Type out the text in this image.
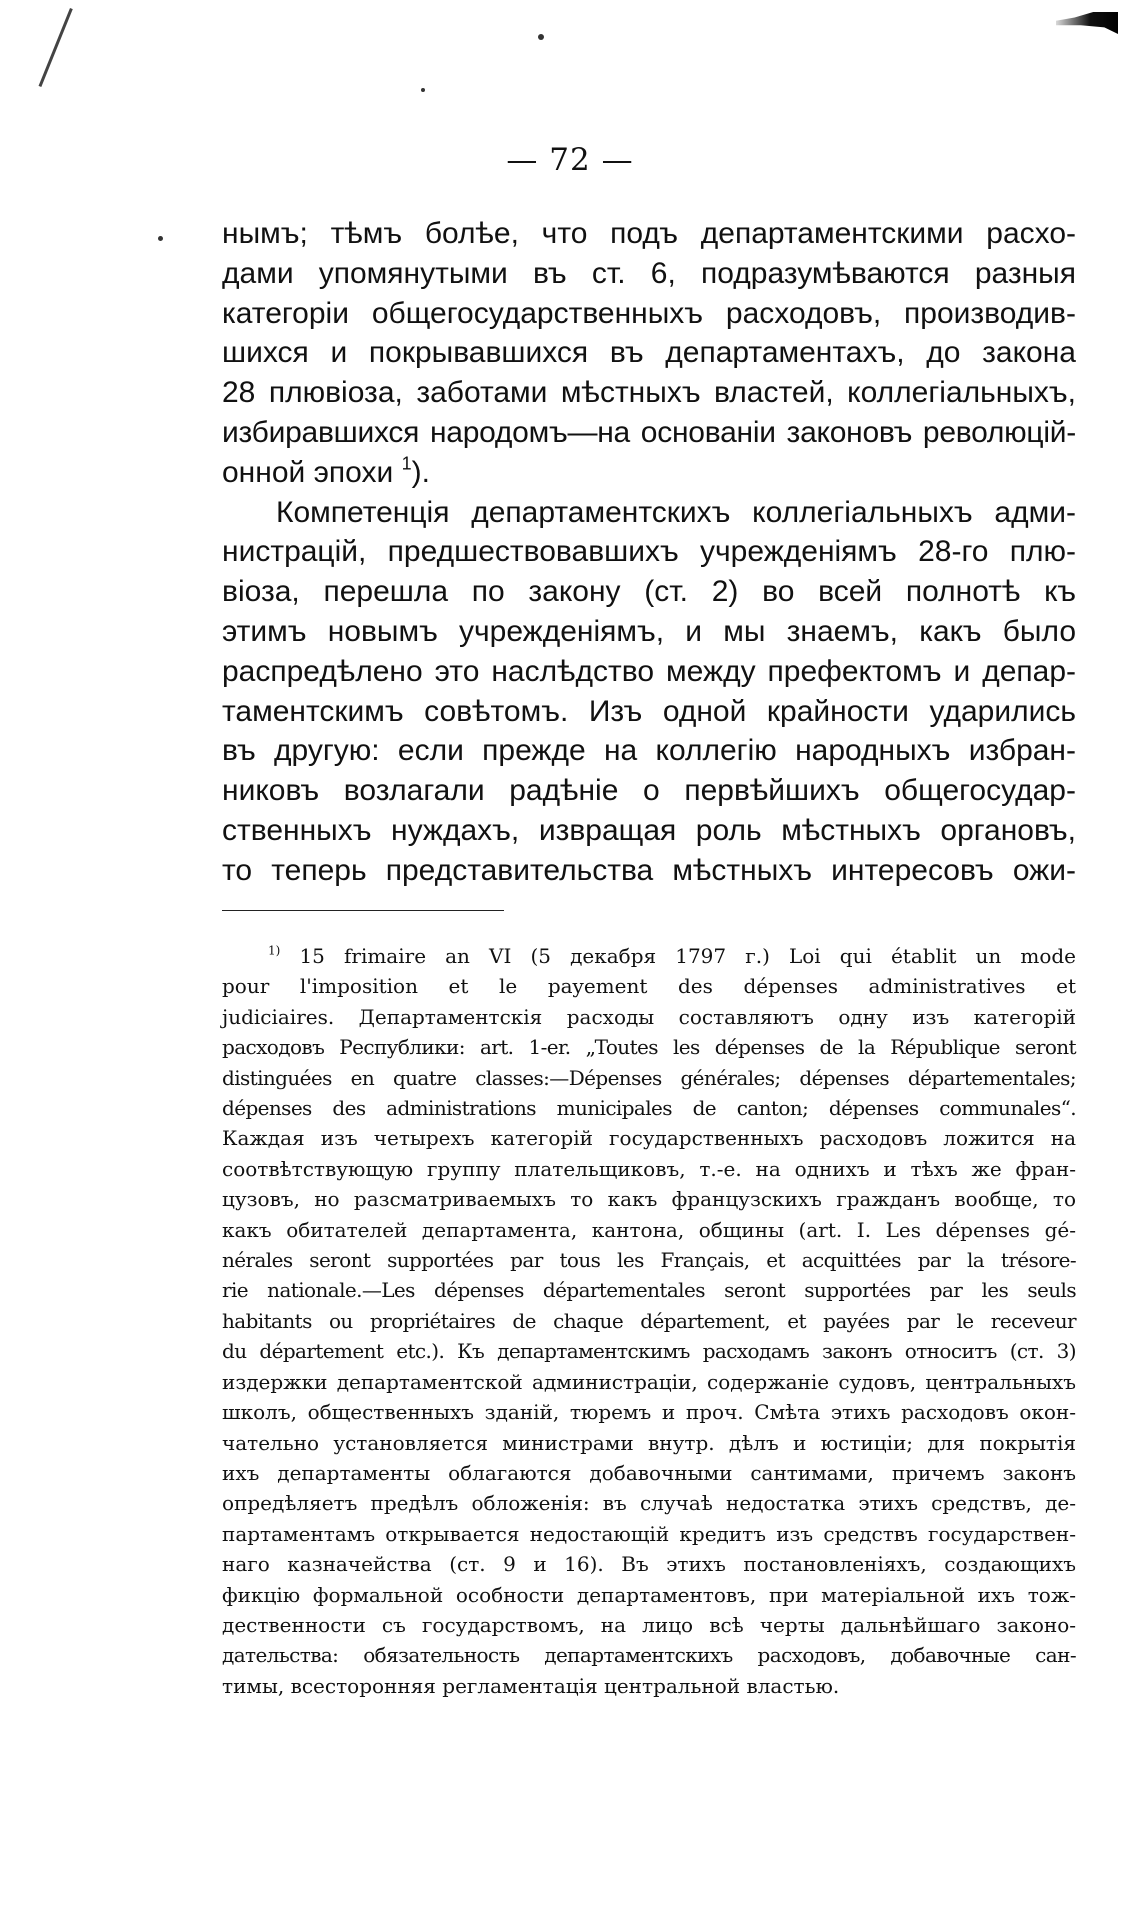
— 72 —
нымъ; тѣмъ болѣе, что подъ департаментскими расхо-
дами упомянутыми въ ст. 6, подразумѣваются разныя
категоріи общегосударственныхъ расходовъ, производив-
шихся и покрывавшихся въ департаментахъ, до закона
28 плювіоза, заботами мѣстныхъ властей, коллегіальныхъ,
избиравшихся народомъ—на основаніи законовъ революцій-
онной эпохи $^1$).
Компетенція департаментскихъ коллегіальныхъ адми-
нистрацій, предшествовавшихъ учрежденіямъ 28-го плю-
віоза, перешла по закону (ст. 2) во всей полнотѣ къ
этимъ новымъ учрежденіямъ, и мы знаемъ, какъ было
распредѣлено это наслѣдство между префектомъ и депар-
таментскимъ совѣтомъ. Изъ одной крайности ударились
въ другую: если прежде на коллегію народныхъ избран-
никовъ возлагали радѣніе о первѣйшихъ общегосудар-
ственныхъ нуждахъ, извращая роль мѣстныхъ органовъ,
то теперь представительства мѣстныхъ интересовъ ожи-
$^{1)}$ 15 frimaire an VI (5 декабря 1797 г.) Loi qui établit un mode
pour l'imposition et le payement des dépenses administratives et
judiciaires. Департаментскія расходы составляютъ одну изъ категорій
расходовъ Республики: art. 1-er. „Toutes les dépenses de la République seront
distinguées en quatre classes:—Dépenses générales; dépenses départementales;
dépenses des administrations municipales de canton; dépenses communales“.
Каждая изъ четырехъ категорій государственныхъ расходовъ ложится на
соотвѣтствующую группу плательщиковъ, т.-е. на однихъ и тѣхъ же фран-
цузовъ, но разсматриваемыхъ то какъ французскихъ гражданъ вообще, то
какъ обитателей департамента, кантона, общины (art. I. Les dépenses gé-
nérales seront supportées par tous les Français, et acquittées par la trésore-
rie nationale.—Les dépenses départementales seront supportées par les seuls
habitants ou propriétaires de chaque département, et payées par le receveur
du département etc.). Къ департаментскимъ расходамъ законъ относитъ (ст. 3)
издержки департаментской администраціи, содержаніе судовъ, центральныхъ
школъ, общественныхъ зданій, тюремъ и проч. Смѣта этихъ расходовъ окон-
чательно установляется министрами внутр. дѣлъ и юстиціи; для покрытія
ихъ департаменты облагаются добавочными сантимами, причемъ законъ
опредѣляетъ предѣлъ обложенія: въ случаѣ недостатка этихъ средствъ, де-
партаментамъ открывается недостающій кредитъ изъ средствъ государствен-
наго казначейства (ст. 9 и 16). Въ этихъ постановленіяхъ, создающихъ
фикцію формальной особности департаментовъ, при матеріальной ихъ тож-
дественности съ государствомъ, на лицо всѣ черты дальнѣйшаго законо-
дательства: обязательность департаментскихъ расходовъ, добавочные сан-
тимы, всесторонняя регламентація центральной властью.
